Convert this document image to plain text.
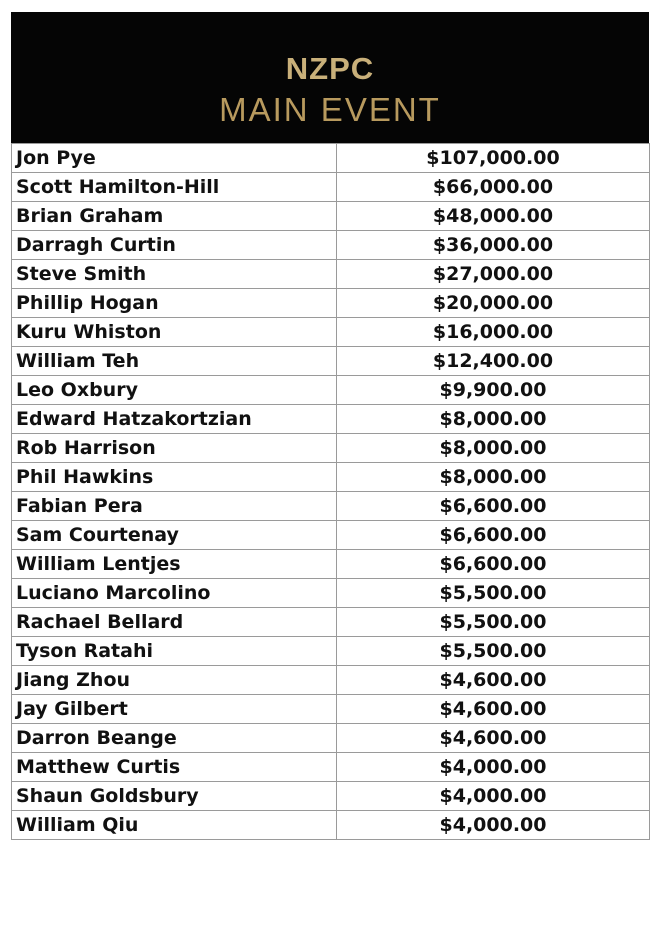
NZPC
MAIN EVENT
Jon Pye	$107,000.00
Scott Hamilton-Hill	$66,000.00
Brian Graham	$48,000.00
Darragh Curtin	$36,000.00
Steve Smith	$27,000.00
Phillip Hogan	$20,000.00
Kuru Whiston	$16,000.00
William Teh	$12,400.00
Leo Oxbury	$9,900.00
Edward Hatzakortzian	$8,000.00
Rob Harrison	$8,000.00
Phil Hawkins	$8,000.00
Fabian Pera	$6,600.00
Sam Courtenay	$6,600.00
William Lentjes	$6,600.00
Luciano Marcolino	$5,500.00
Rachael Bellard	$5,500.00
Tyson Ratahi	$5,500.00
Jiang Zhou	$4,600.00
Jay Gilbert	$4,600.00
Darron Beange	$4,600.00
Matthew Curtis	$4,000.00
Shaun Goldsbury	$4,000.00
William Qiu	$4,000.00
